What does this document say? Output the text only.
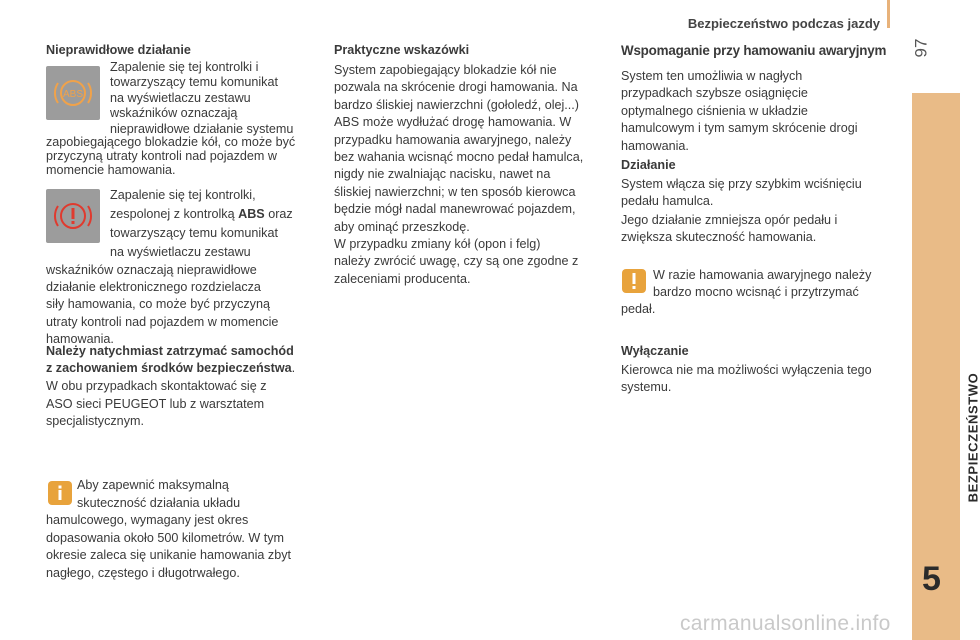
Bezpieczeństwo podczas jazdy
97
BEZPIECZEŃSTWO
5
Nieprawidłowe działanie
ABS

Zapalenie się tej kontrolki i

towarzyszący temu komunikat

na wyświetlaczu zestawu

wskaźników oznaczają

nieprawidłowe działanie systemu

zapobiegającego blokadzie kół, co może być

przyczyną utraty kontroli nad pojazdem w

momencie hamowania.

Zapalenie się tej kontrolki,

zespolonej z kontrolką ABS oraz

towarzyszący temu komunikat

na wyświetlaczu zestawu

wskaźników oznaczają nieprawidłowe

działanie elektronicznego rozdzielacza

siły hamowania, co może być przyczyną

utraty kontroli nad pojazdem w momencie

hamowania.

Należy natychmiast zatrzymać samochód

z zachowaniem środków bezpieczeństwa.

W obu przypadkach skontaktować się z

ASO sieci PEUGEOT lub z warsztatem

specjalistycznym.

Aby zapewnić maksymalną

skuteczność działania układu

hamulcowego, wymagany jest okres

dopasowania około 500 kilometrów. W tym

okresie zaleca się unikanie hamowania zbyt

nagłego, częstego i długotrwałego.

Praktyczne wskazówki

System zapobiegający blokadzie kół nie

pozwala na skrócenie drogi hamowania. Na

bardzo śliskiej nawierzchni (gołoledź, olej...)

ABS może wydłużać drogę hamowania. W

przypadku hamowania awaryjnego, należy

bez wahania wcisnąć mocno pedał hamulca,

nigdy nie zwalniając nacisku, nawet na

śliskiej nawierzchni; w ten sposób kierowca

będzie mógł nadal manewrować pojazdem,

aby ominąć przeszkodę.

W przypadku zmiany kół (opon i felg)

należy zwrócić uwagę, czy są one zgodne z

zaleceniami producenta.

Wspomaganie przy hamowaniu awaryjnym

System ten umożliwia w nagłych

przypadkach szybsze osiągnięcie

optymalnego ciśnienia w układzie

hamulcowym i tym samym skrócenie drogi

hamowania.

Działanie

System włącza się przy szybkim wciśnięciu

pedału hamulca.

Jego działanie zmniejsza opór pedału i

zwiększa skuteczność hamowania.

W razie hamowania awaryjnego należy

bardzo mocno wcisnąć i przytrzymać

pedał.
Wyłączanie

Kierowca nie ma możliwości wyłączenia tego

systemu.

carmanualsonline.info
